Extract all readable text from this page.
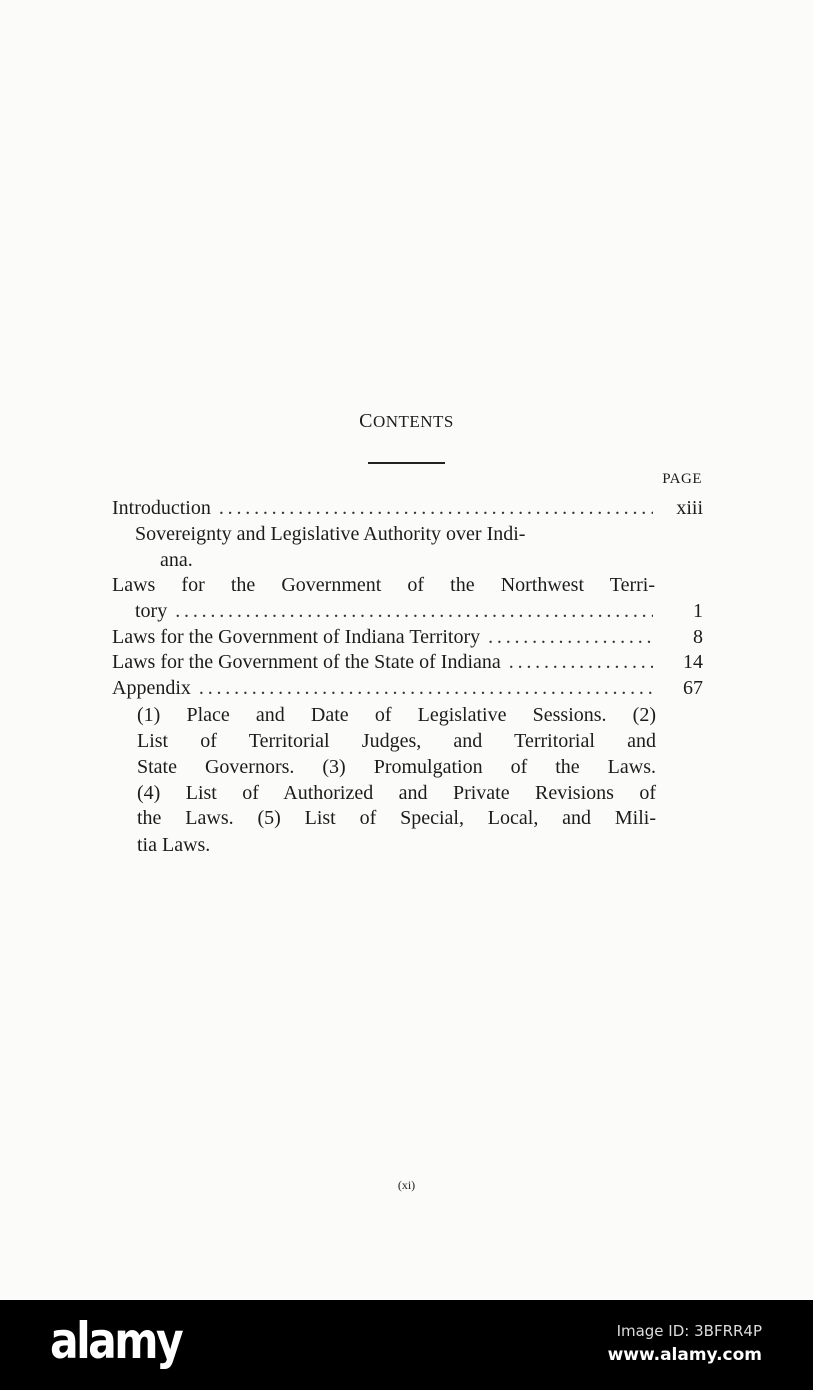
CONTENTS
PAGE
Introduction . . .	xiii
Sovereignty and Legislative Authority over Indi-
ana.
Laws for the Government of the Northwest Terri-
tory . . .	1
Laws for the Government of Indiana Territory . . .	8
Laws for the Government of the State of Indiana . . .	14
Appendix . . .	67
(1) Place and Date of Legislative Sessions. (2)
List of Territorial Judges, and Territorial and
State Governors. (3) Promulgation of the Laws.
(4) List of Authorized and Private Revisions of
the Laws. (5) List of Special, Local, and Mili-
tia Laws.
(xi)
alamy	Image ID: 3BFRR4P
www.alamy.com
